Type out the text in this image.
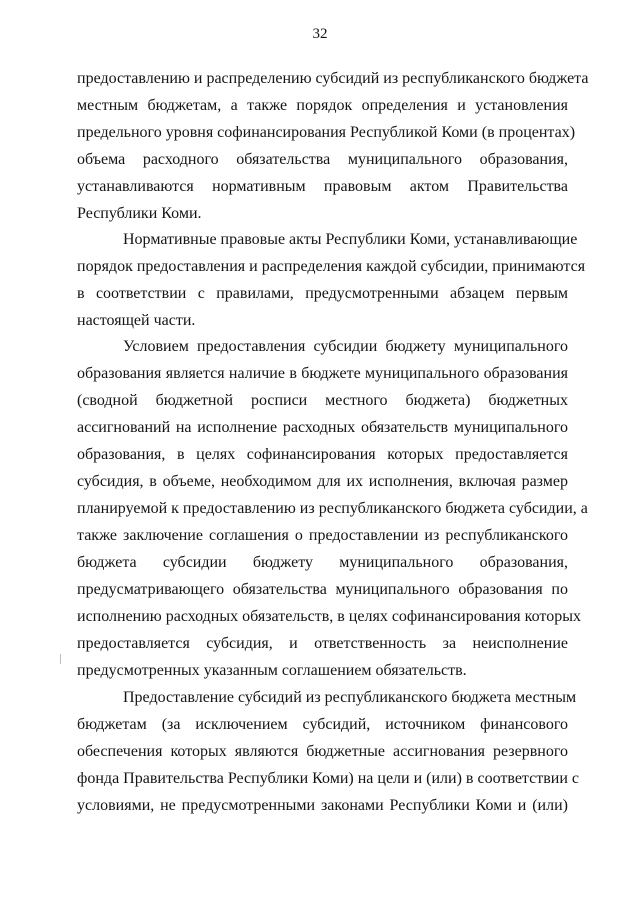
32
предоставлению и распределению субсидий из республиканского бюджета
местным бюджетам, а также порядок определения и установления
предельного уровня софинансирования Республикой Коми (в процентах)
объема расходного обязательства муниципального образования,
устанавливаются нормативным правовым актом Правительства
Республики Коми.
Нормативные правовые акты Республики Коми, устанавливающие
порядок предоставления и распределения каждой субсидии, принимаются
в соответствии с правилами, предусмотренными абзацем первым
настоящей части.
Условием предоставления субсидии бюджету муниципального
образования является наличие в бюджете муниципального образования
(сводной бюджетной росписи местного бюджета) бюджетных
ассигнований на исполнение расходных обязательств муниципального
образования, в целях софинансирования которых предоставляется
субсидия, в объеме, необходимом для их исполнения, включая размер
планируемой к предоставлению из республиканского бюджета субсидии, а
также заключение соглашения о предоставлении из республиканского
бюджета субсидии бюджету муниципального образования,
предусматривающего обязательства муниципального образования по
исполнению расходных обязательств, в целях софинансирования которых
предоставляется субсидия, и ответственность за неисполнение
предусмотренных указанным соглашением обязательств.
Предоставление субсидий из республиканского бюджета местным
бюджетам (за исключением субсидий, источником финансового
обеспечения которых являются бюджетные ассигнования резервного
фонда Правительства Республики Коми) на цели и (или) в соответствии с
условиями, не предусмотренными законами Республики Коми и (или)
